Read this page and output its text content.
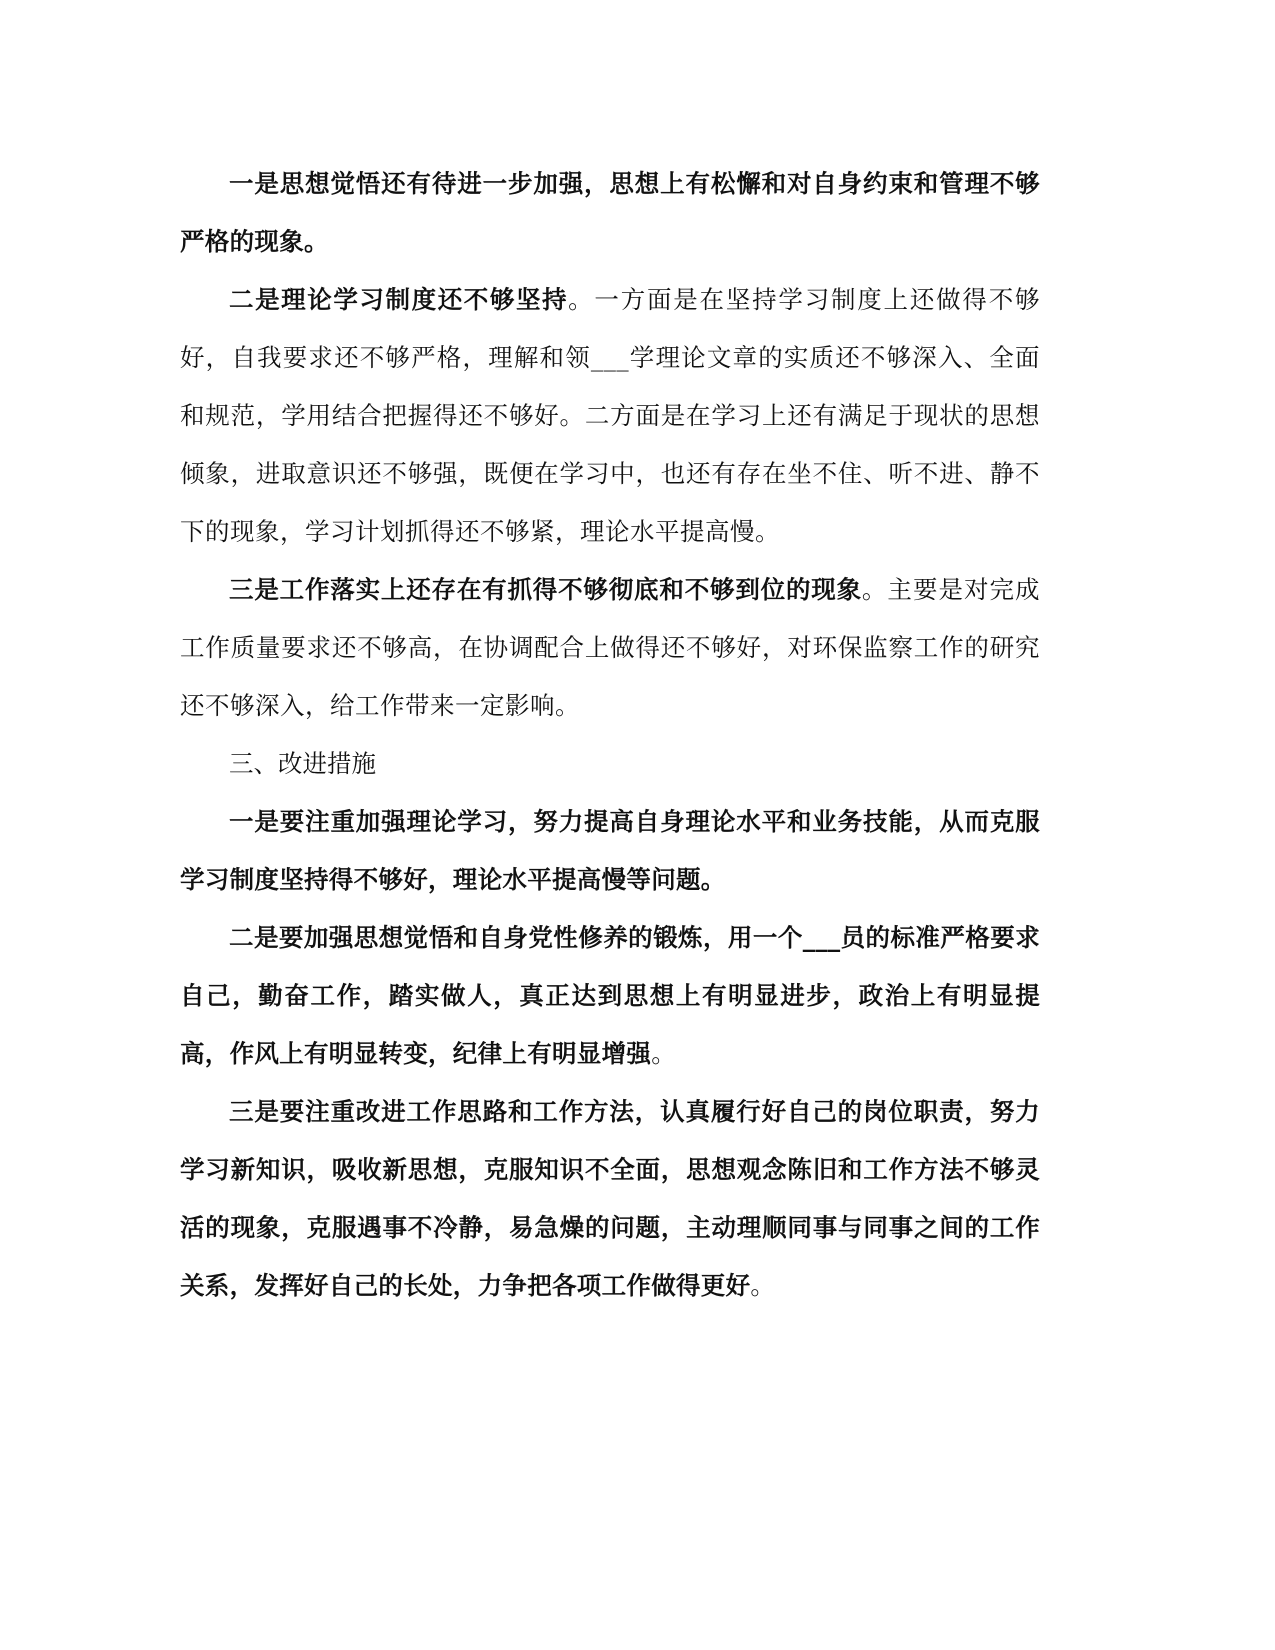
一是思想觉悟还有待进一步加强，思想上有松懈和对自身约束和管理不够严格的现象。

二是理论学习制度还不够坚持。一方面是在坚持学习制度上还做得不够好，自我要求还不够严格，理解和领___学理论文章的实质还不够深入、全面和规范，学用结合把握得还不够好。二方面是在学习上还有满足于现状的思想倾象，进取意识还不够强，既便在学习中，也还有存在坐不住、听不进、静不下的现象，学习计划抓得还不够紧，理论水平提高慢。

三是工作落实上还存在有抓得不够彻底和不够到位的现象。主要是对完成工作质量要求还不够高，在协调配合上做得还不够好，对环保监察工作的研究还不够深入，给工作带来一定影响。

三、改进措施

一是要注重加强理论学习，努力提高自身理论水平和业务技能，从而克服学习制度坚持得不够好，理论水平提高慢等问题。

二是要加强思想觉悟和自身党性修养的锻炼，用一个___员的标准严格要求自己，勤奋工作，踏实做人，真正达到思想上有明显进步，政治上有明显提高，作风上有明显转变，纪律上有明显增强。

三是要注重改进工作思路和工作方法，认真履行好自己的岗位职责，努力学习新知识，吸收新思想，克服知识不全面，思想观念陈旧和工作方法不够灵活的现象，克服遇事不冷静，易急燥的问题，主动理顺同事与同事之间的工作关系，发挥好自己的长处，力争把各项工作做得更好。
